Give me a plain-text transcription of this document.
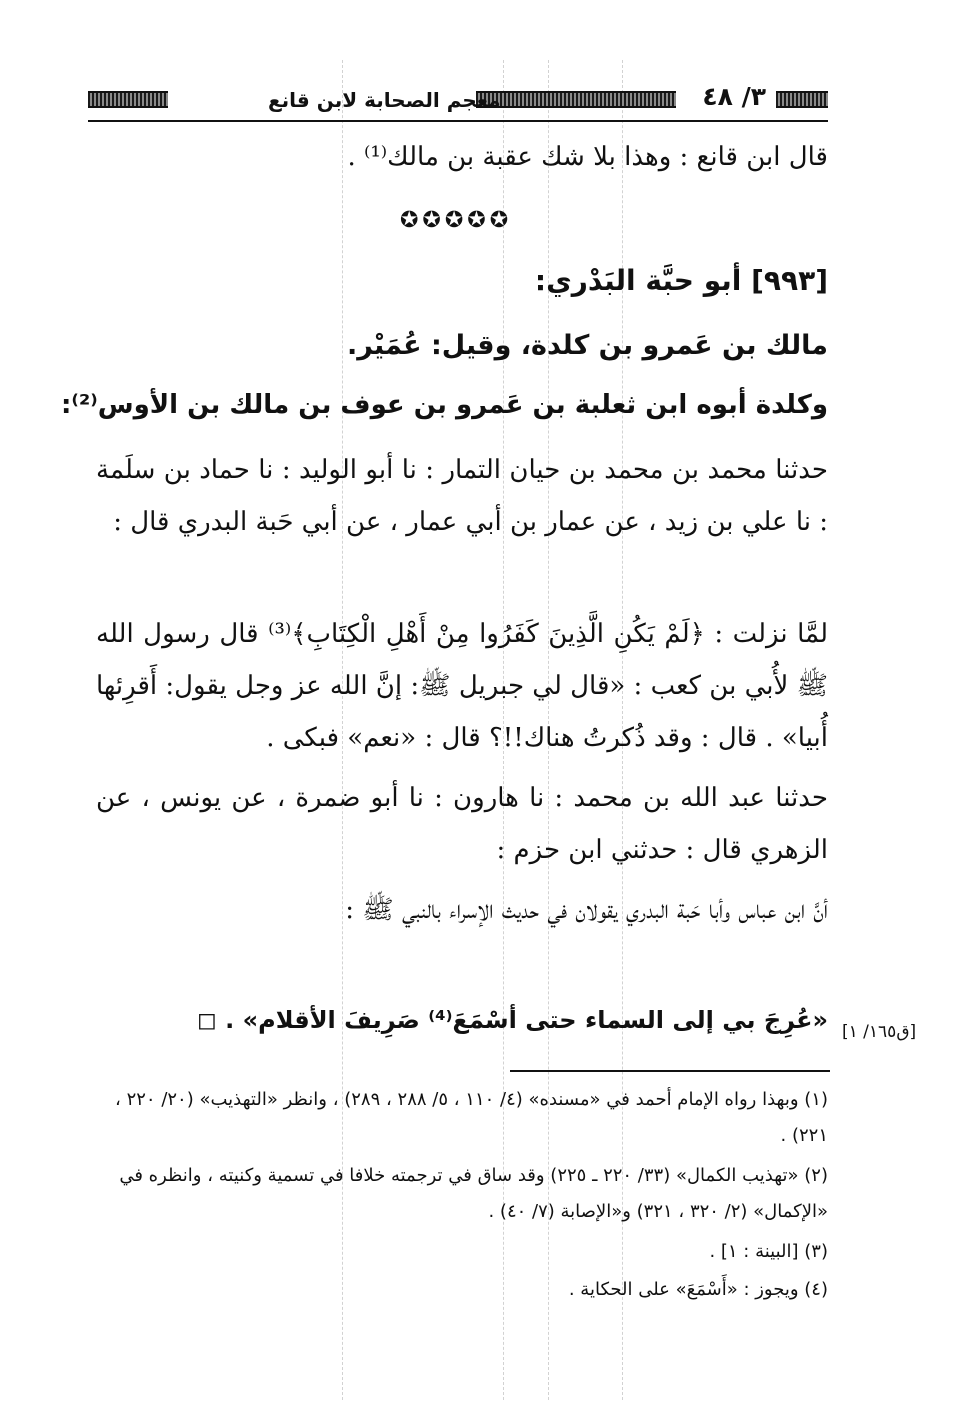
٣/ ٤٨
معجم الصحابة لابن قانع
قال ابن قانع : وهذا بلا شك عقبة بن مالك⁽¹⁾ .
✪✪✪✪✪
[٩٩٣] أبو حبَّة البَدْري:
مالك بن عَمرو بن كلدة، وقيل: عُمَيْر.
وكلدة أبوه ابن ثعلبة بن عَمرو بن عوف بن مالك بن الأوس⁽²⁾:
حدثنا محمد بن محمد بن حيان التمار : نا أبو الوليد : نا حماد بن سلَمة : نا علي بن زيد ، عن عمار بن أبي عمار ، عن أبي حَبة البدري قال :
لمَّا نزلت : ﴿لَمْ يَكُنِ الَّذِينَ كَفَرُوا مِنْ أَهْلِ الْكِتَابِ﴾⁽³⁾ قال رسول الله ﷺ لأُبي بن كعب : «قال لي جبريل ﷺ: إنَّ الله عز وجل يقول: أَقرِئها أُبيا» . قال : وقد ذُكرتُ هناك!!؟ قال : «نعم» فبكى .
حدثنا عبد الله بن محمد : نا هارون : نا أبو ضمرة ، عن يونس ، عن الزهري قال : حدثني ابن حزم :
أنَّ ابن عباس وأبا حَبة البدري يقولان في حديث الإسراء بالنبي ﷺ :
«عُرِجَ بي إلى السماء حتى أسْمَعَ⁽⁴⁾ صَرِيفَ الأقلام» . ◻ [ق١٦٥/ ١]
(١) وبهذا رواه الإمام أحمد في «مسنده» (٤/ ١١٠ ، ٥/ ٢٨٨ ، ٢٨٩) ، وانظر «التهذيب» (٢٠/ ٢٢٠ ، ٢٢١) .
(٢) «تهذيب الكمال» (٣٣/ ٢٢٠ ـ ٢٢٥) وقد ساق في ترجمته خلافا في تسمية وكنيته ، وانظره في «الإكمال» (٢/ ٣٢٠ ، ٣٢١) و«الإصابة (٧/ ٤٠) .
(٣) [البينة : ١] .
(٤) ويجوز : «أَسْمَعَ» على الحكاية .
